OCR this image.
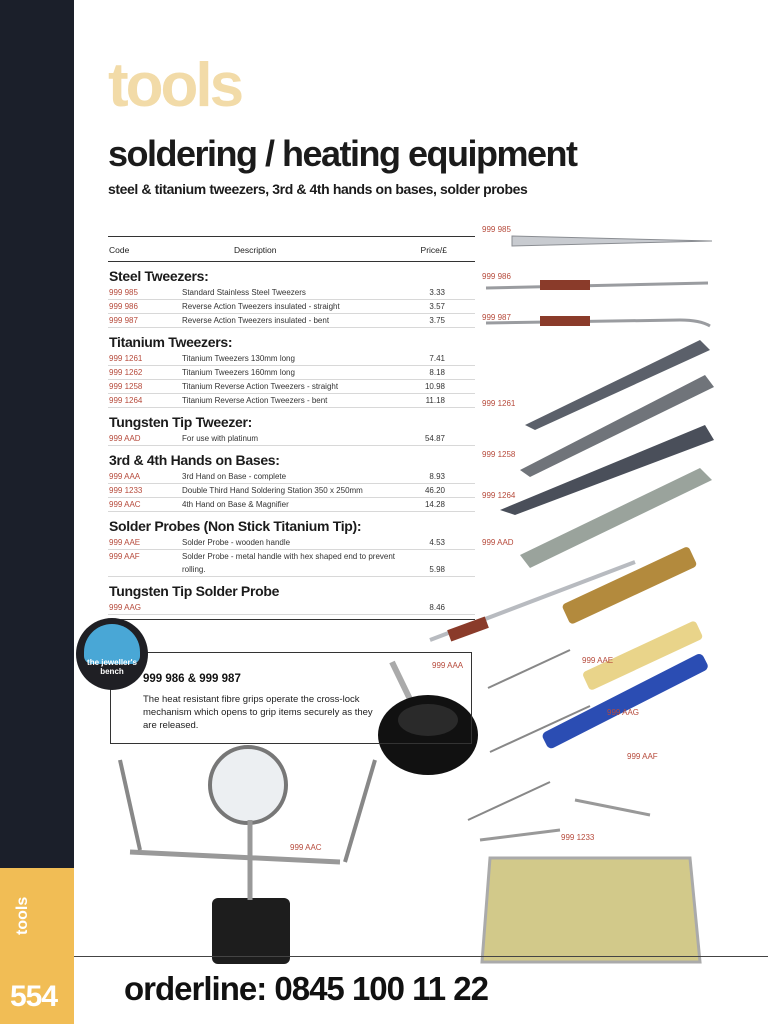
tools
554
tools
soldering / heating equipment
steel & titanium tweezers, 3rd & 4th hands on bases, solder probes
999 985
999 986
999 987
999 1261
999 1258
999 1264
999 AAD
999 AAA
999 AAE
999 AAG
999 AAF
999 1233
999 AAC
Code	Description	Price/£
Steel Tweezers:
999 985	Standard Stainless Steel Tweezers	3.33
999 986	Reverse Action Tweezers insulated - straight	3.57
999 987	Reverse Action Tweezers insulated - bent	3.75
Titanium Tweezers:
999 1261	Titanium Tweezers 130mm long	7.41
999 1262	Titanium Tweezers 160mm long	8.18
999 1258	Titanium Reverse Action Tweezers - straight	10.98
999 1264	Titanium Reverse Action Tweezers - bent	11.18
Tungsten Tip Tweezer:
999 AAD	For use with platinum	54.87
3rd & 4th Hands on Bases:
999 AAA	3rd Hand on Base - complete	8.93
999 1233	Double Third Hand Soldering Station 350 x 250mm	46.20
999 AAC	4th Hand on Base & Magnifier	14.28
Solder Probes (Non Stick Titanium Tip):
999 AAE	Solder Probe - wooden handle	4.53
999 AAF	Solder Probe - metal handle with hex shaped end to prevent rolling.	5.98
Tungsten Tip Solder Probe
999 AAG	8.46
999 986 & 999 987
The heat resistant fibre grips operate the cross-lock mechanism which opens to grip items securely as they are released.
the jeweller's
bench
orderline: 0845 100 11 22
